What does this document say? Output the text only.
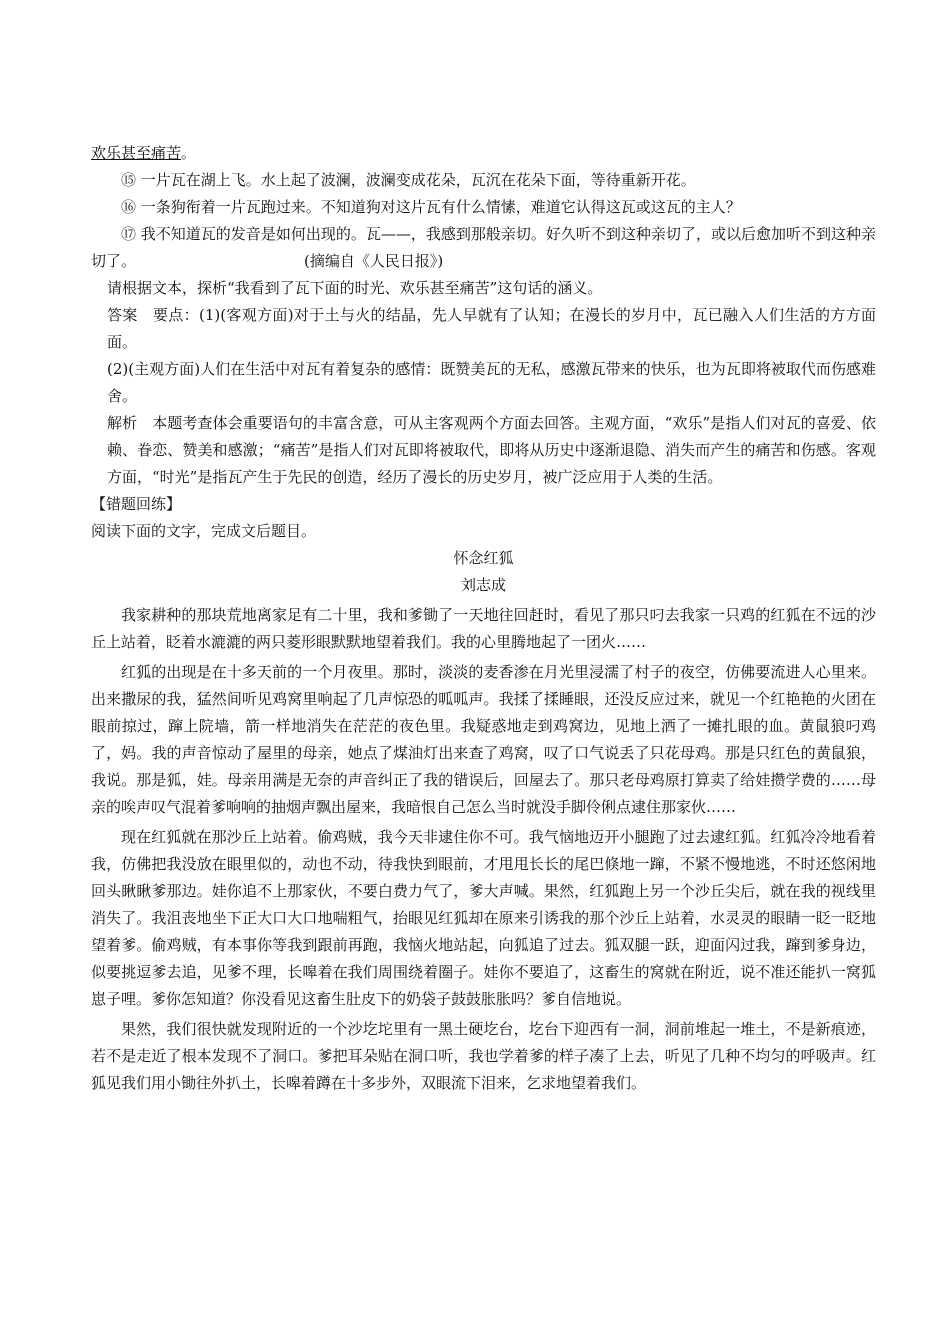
欢乐甚至痛苦。

⑮ 一片瓦在湖上飞。水上起了波澜，波澜变成花朵，瓦沉在花朵下面，等待重新开花。

⑯ 一条狗衔着一片瓦跑过来。不知道狗对这片瓦有什么情愫，难道它认得这瓦或这瓦的主人？

⑰ 我不知道瓦的发音是如何出现的。瓦——，我感到那般亲切。好久听不到这种亲切了，或以后愈加听不到这种亲切了。	(摘编自《人民日报》)

请根据文本，探析“我看到了瓦下面的时光、欢乐甚至痛苦”这句话的涵义。

答案　要点：(1)(客观方面)对于土与火的结晶，先人早就有了认知；在漫长的岁月中，瓦已融入人们生活的方方面面。

(2)(主观方面)人们在生活中对瓦有着复杂的感情：既赞美瓦的无私，感激瓦带来的快乐，也为瓦即将被取代而伤感难舍。

解析　本题考查体会重要语句的丰富含意，可从主客观两个方面去回答。主观方面，“欢乐”是指人们对瓦的喜爱、依赖、眷恋、赞美和感激；“痛苦”是指人们对瓦即将被取代，即将从历史中逐渐退隐、消失而产生的痛苦和伤感。客观方面，“时光”是指瓦产生于先民的创造，经历了漫长的历史岁月，被广泛应用于人类的生活。

【错题回练】

阅读下面的文字，完成文后题目。

怀念红狐

刘志成

我家耕种的那块荒地离家足有二十里，我和爹锄了一天地往回赶时，看见了那只叼去我家一只鸡的红狐在不远的沙丘上站着，眨着水漉漉的两只菱形眼默默地望着我们。我的心里腾地起了一团火……

红狐的出现是在十多天前的一个月夜里。那时，淡淡的麦香渗在月光里浸濡了村子的夜空，仿佛要流进人心里来。出来撒尿的我，猛然间听见鸡窝里响起了几声惊恐的呱呱声。我揉了揉睡眼，还没反应过来，就见一个红艳艳的火团在眼前掠过，蹿上院墙，箭一样地消失在茫茫的夜色里。我疑惑地走到鸡窝边，见地上洒了一摊扎眼的血。黄鼠狼叼鸡了，妈。我的声音惊动了屋里的母亲，她点了煤油灯出来查了鸡窝，叹了口气说丢了只花母鸡。那是只红色的黄鼠狼，我说。那是狐，娃。母亲用满是无奈的声音纠正了我的错误后，回屋去了。那只老母鸡原打算卖了给娃攒学费的……母亲的唉声叹气混着爹响响的抽烟声飘出屋来，我暗恨自己怎么当时就没手脚伶俐点逮住那家伙……

现在红狐就在那沙丘上站着。偷鸡贼，我今天非逮住你不可。我气恼地迈开小腿跑了过去逮红狐。红狐冷冷地看着我，仿佛把我没放在眼里似的，动也不动，待我快到眼前，才甩甩长长的尾巴倏地一蹿，不紧不慢地逃，不时还悠闲地回头瞅瞅爹那边。娃你追不上那家伙，不要白费力气了，爹大声喊。果然，红狐跑上另一个沙丘尖后，就在我的视线里消失了。我沮丧地坐下正大口大口地喘粗气，抬眼见红狐却在原来引诱我的那个沙丘上站着，水灵灵的眼睛一眨一眨地望着爹。偷鸡贼，有本事你等我到跟前再跑，我恼火地站起，向狐追了过去。狐双腿一跃，迎面闪过我，蹿到爹身边，似要挑逗爹去追，见爹不理，长嗥着在我们周围绕着圈子。娃你不要追了，这畜生的窝就在附近，说不准还能扒一窝狐崽子哩。爹你怎知道？你没看见这畜生肚皮下的奶袋子鼓鼓胀胀吗？爹自信地说。

果然，我们很快就发现附近的一个沙圪坨里有一黑土硬圪台，圪台下迎西有一洞，洞前堆起一堆土，不是新痕迹，若不是走近了根本发现不了洞口。爹把耳朵贴在洞口听，我也学着爹的样子凑了上去，听见了几种不均匀的呼吸声。红狐见我们用小锄往外扒土，长嗥着蹲在十多步外，双眼流下泪来，乞求地望着我们。
